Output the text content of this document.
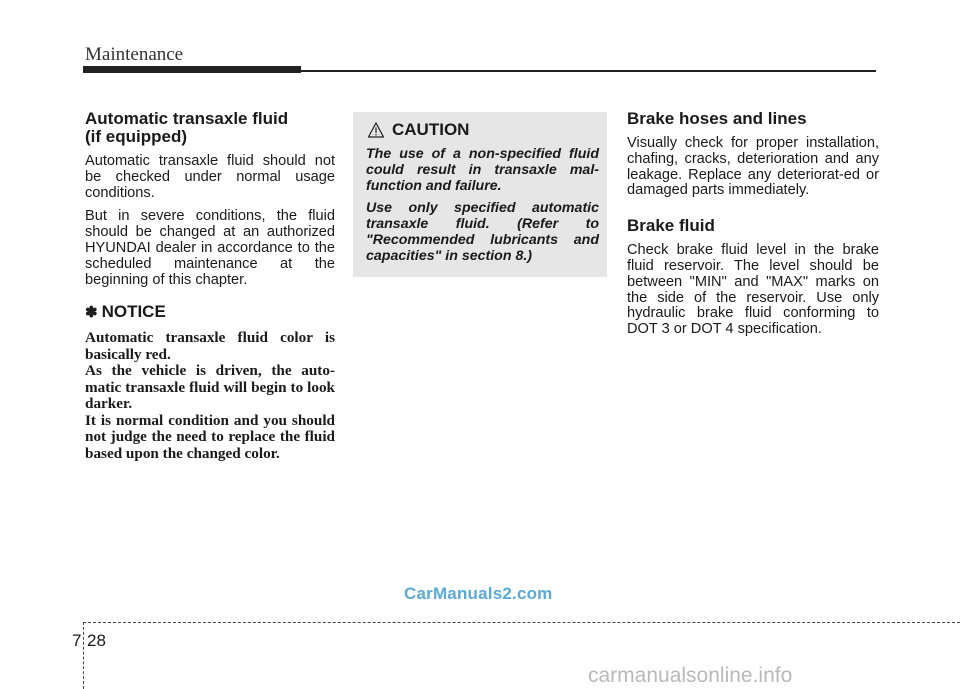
Maintenance
Automatic transaxle fluid
(if equipped)

Automatic transaxle fluid should not be checked under normal usage conditions.

But in severe conditions, the fluid should be changed at an authorized HYUNDAI dealer in accordance to the scheduled maintenance at the beginning of this chapter.

✽ NOTICE
Automatic transaxle fluid color is basically red.
As the vehicle is driven, the auto-matic transaxle fluid will begin to look darker.
It is normal condition and you should not judge the need to replace the fluid based upon the changed color.
CAUTION

The use of a non-specified fluid could result in transaxle mal-function and failure.

Use only specified automatic transaxle fluid. (Refer to "Recommended lubricants and capacities" in section 8.)

Brake hoses and lines

Visually check for proper installation, chafing, cracks, deterioration and any leakage. Replace any deteriorat-ed or damaged parts immediately.

Brake fluid

Check brake fluid level in the brake fluid reservoir. The level should be between "MIN" and "MAX" marks on the side of the reservoir. Use only hydraulic brake fluid conforming to DOT 3 or DOT 4 specification.

CarManuals2.com
7 28
carmanualsonline.info
